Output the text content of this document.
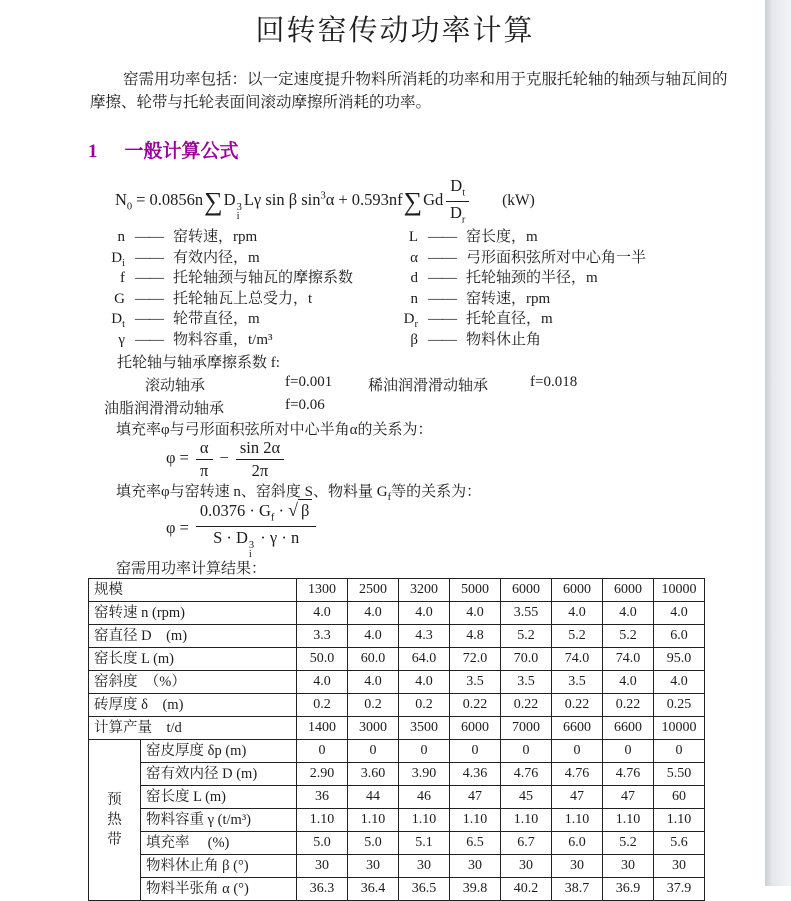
回转窑传动功率计算

窑需用功率包括：以一定速度提升物料所消耗的功率和用于克服托轮轴的轴颈与轴瓦间的摩擦、轮带与托轮表面间滚动摩擦所消耗的功率。

1 一般计算公式
$N_0 = 0.0856n\sum D$ 3
i
Lγ sin β $\sin^3\alpha + 0.593nf\sum Gd \frac{D_t}{D_r} (kW)$
n —— 窑转速，rpm
$D_i$ —— 有效内径，m
f —— 托轮轴颈与轴瓦的摩擦系数
G —— 托轮轴瓦上总受力，t
$D_t$ —— 轮带直径，m
γ —— 物料容重，t/m³
L —— 窑长度，m
α —— 弓形面积弦所对中心角一半
d —— 托轮轴颈的半径，m
n —— 窑转速，rpm
$D_r$ —— 托轮直径，m
β —— 物料休止角
托轮轴与轴承摩擦系数 f:
滚动轴承	f=0.001 稀油润滑滑动轴承	f=0.018
油脂润滑滑动轴承	f=0.06

填充率φ与弓形面积弦所对中心半角α的关系为：

$\varphi = \frac{\alpha}{\pi} - \frac{\sin 2\alpha}{2\pi}$

填充率φ与窑转速 n、窑斜度 S、物料量 $G_f$等的关系为：

$\varphi = 0.0376 \cdot G_f$ · √ β
S · D 3
i
· γ · n

窑需用功率计算结果：

规模		1300	2500	3200	5000	6000	6000	6000	10000
窑转速 n (rpm)		4.0	4.0	4.0	4.0	3.55	4.0	4.0	4.0
窑直径 D　(m)		3.3	4.0	4.3	4.8	5.2	5.2	5.2	6.0
窑长度 L (m)		50.0	60.0	64.0	72.0	70.0	74.0	74.0	95.0
窑斜度　（%）		4.0	4.0	4.0	3.5	3.5	3.5	4.0	4.0
砖厚度 δ　(m)		0.2	0.2	0.2	0.22	0.22	0.22	0.22	0.25
计算产量　t/d		1400	3000	3500	6000	7000	6600	6600	10000

预
热
带	窑皮厚度 δp (m)	0	0	0	0	0	0	0	0
	窑有效内径 D (m)	2.90	3.60	3.90	4.36	4.76	4.76	4.76	5.50
	窑长度 L (m)	36	44	46	47	45	47	47	60
	物料容重 γ (t/m³)	1.10	1.10	1.10	1.10	1.10	1.10	1.10	1.10
	填充率　 (%)	5.0	5.0	5.1	6.5	6.7	6.0	5.2	5.6
	物料休止角 β (°)	30	30	30	30	30	30	30	30
	物料半张角 α (°)	36.3	36.4	36.5	39.8	40.2	38.7	36.9	37.9
